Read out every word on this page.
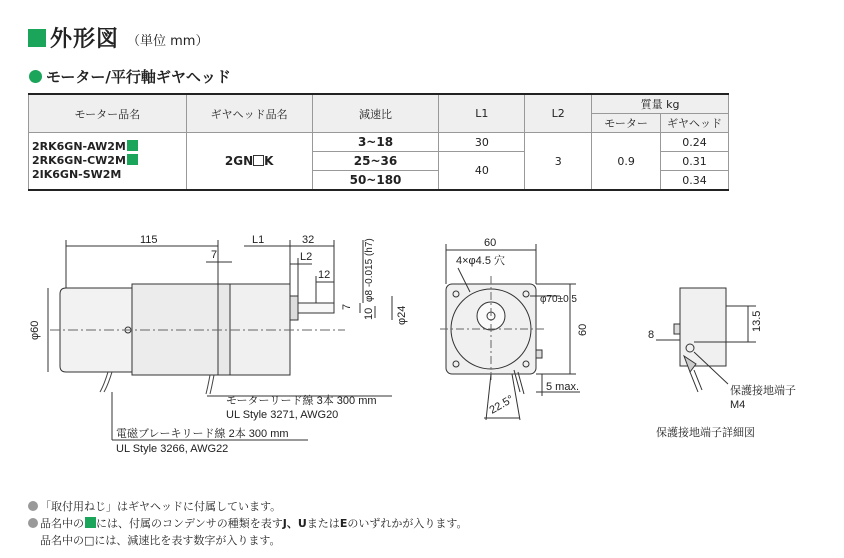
外形図 （単位 mm）
モーター/平行軸ギヤヘッド
モーター品名	ギヤヘッド品名	減速比	L1	L2	質量 kg	
					モーター	ギヤヘッド

2RK6GN-AW2M
2RK6GN-CW2M
2IK6GN-SW2M	2GN K	3~18	30	3	0.9	0.24
		25~36	40			0.31
		50~180				0.34
115	L1	32
L2
12
7
7
10 φ24
φ60
φ8 -0.015 (h7)
モーターリード線 3本 300 mm
UL Style 3271, AWG20
電磁ブレーキリード線 2本 300 mm
UL Style 3266, AWG22
60
4×φ4.5 穴
φ70±0.5
60
5 max.
22.5°
8
13.5
保護接地端子
M4
保護接地端子詳細図
「取付用ねじ」はギヤヘッドに付属しています。
品名中の には、付属のコンデンサの種類を表すJ、UまたはEのいずれかが入ります。
品名中の□には、減速比を表す数字が入ります。
